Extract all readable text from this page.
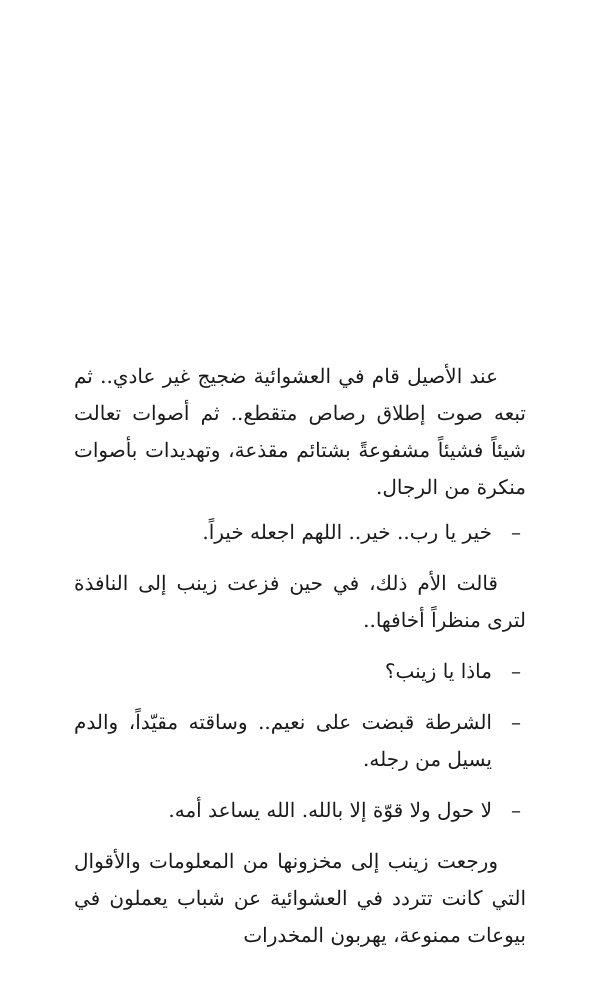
عند الأصيل قام في العشوائية ضجيج غير عادي.. ثم تبعه صوت إطلاق رصاص متقطع.. ثم أصوات تعالت شيئاً فشيئاً مشفوعةً بشتائم مقذعة، وتهديدات بأصوات منكرة من الرجال.

–
خير يا رب.. خير.. اللهم اجعله خيراً.

قالت الأم ذلك، في حين فزعت زينب إلى النافذة لترى منظراً أخافها..

–
ماذا يا زينب؟
–
الشرطة قبضت على نعيم.. وساقته مقيّداً، والدم يسيل من رجله.
–
لا حول ولا قوّة إلا بالله. الله يساعد أمه.

ورجعت زينب إلى مخزونها من المعلومات والأقوال التي كانت تتردد في العشوائية عن شباب يعملون في بيوعات ممنوعة، يهربون المخدرات
